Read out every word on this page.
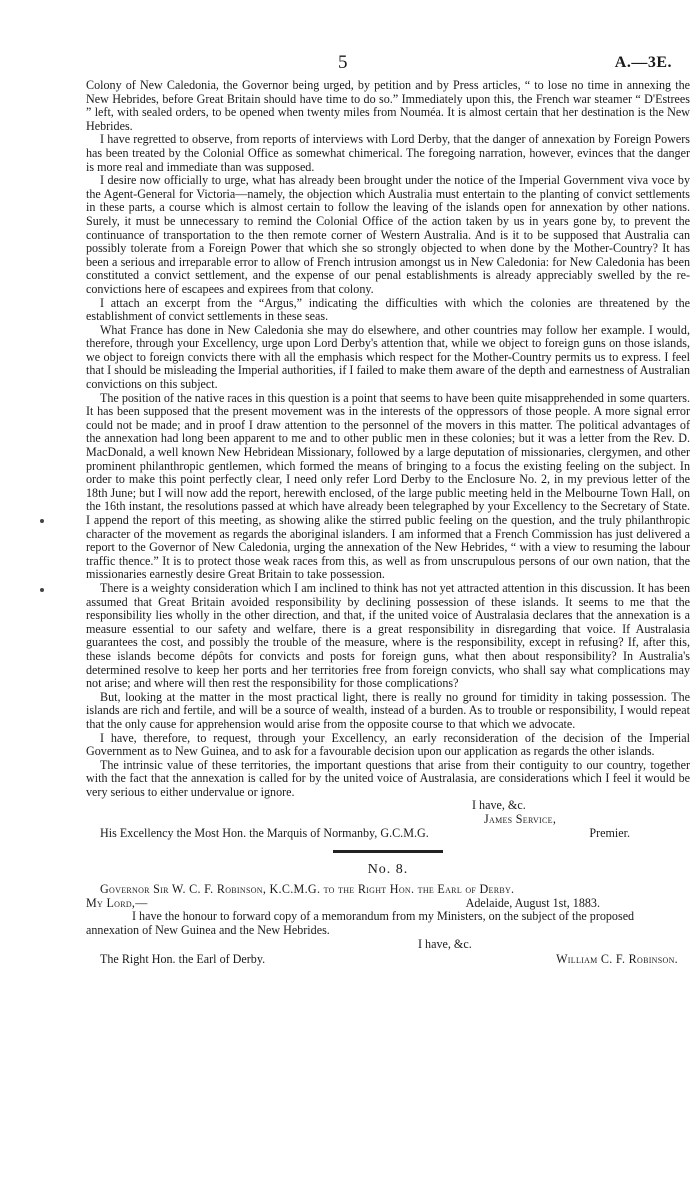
5	A.—3E.

Colony of New Caledonia, the Governor being urged, by petition and by Press articles, “ to lose no time in annexing the New Hebrides, before Great Britain should have time to do so.” Immediately upon this, the French war steamer “ D'Estrees ” left, with sealed orders, to be opened when twenty miles from Nouméa. It is almost certain that her destination is the New Hebrides.

I have regretted to observe, from reports of interviews with Lord Derby, that the danger of annexation by Foreign Powers has been treated by the Colonial Office as somewhat chimerical. The foregoing narration, however, evinces that the danger is more real and immediate than was supposed.

I desire now officially to urge, what has already been brought under the notice of the Imperial Government viva voce by the Agent-General for Victoria—namely, the objection which Australia must entertain to the planting of convict settlements in these parts, a course which is almost certain to follow the leaving of the islands open for annexation by other nations. Surely, it must be unnecessary to remind the Colonial Office of the action taken by us in years gone by, to prevent the continuance of transportation to the then remote corner of Western Australia. And is it to be supposed that Australia can possibly tolerate from a Foreign Power that which she so strongly objected to when done by the Mother-Country? It has been a serious and irreparable error to allow of French intrusion amongst us in New Caledonia: for New Caledonia has been constituted a convict settlement, and the expense of our penal establishments is already appreciably swelled by the re-convictions here of escapees and expirees from that colony.

I attach an excerpt from the “Argus,” indicating the difficulties with which the colonies are threatened by the establishment of convict settlements in these seas.

What France has done in New Caledonia she may do elsewhere, and other countries may follow her example. I would, therefore, through your Excellency, urge upon Lord Derby's attention that, while we object to foreign guns on those islands, we object to foreign convicts there with all the emphasis which respect for the Mother-Country permits us to express. I feel that I should be misleading the Imperial authorities, if I failed to make them aware of the depth and earnestness of Australian convictions on this subject.

The position of the native races in this question is a point that seems to have been quite misapprehended in some quarters. It has been supposed that the present movement was in the interests of the oppressors of those people. A more signal error could not be made; and in proof I draw attention to the personnel of the movers in this matter. The political advantages of the annexation had long been apparent to me and to other public men in these colonies; but it was a letter from the Rev. D. MacDonald, a well known New Hebridean Missionary, followed by a large deputation of missionaries, clergymen, and other prominent philanthropic gentlemen, which formed the means of bringing to a focus the existing feeling on the subject. In order to make this point perfectly clear, I need only refer Lord Derby to the Enclosure No. 2, in my previous letter of the 18th June; but I will now add the report, herewith enclosed, of the large public meeting held in the Melbourne Town Hall, on the 16th instant, the resolutions passed at which have already been telegraphed by your Excellency to the Secretary of State. I append the report of this meeting, as showing alike the stirred public feeling on the question, and the truly philanthropic character of the movement as regards the aboriginal islanders. I am informed that a French Commission has just delivered a report to the Governor of New Caledonia, urging the annexation of the New Hebrides, “ with a view to resuming the labour traffic thence.” It is to protect those weak races from this, as well as from unscrupulous persons of our own nation, that the missionaries earnestly desire Great Britain to take possession.

There is a weighty consideration which I am inclined to think has not yet attracted attention in this discussion. It has been assumed that Great Britain avoided responsibility by declining possession of these islands. It seems to me that the responsibility lies wholly in the other direction, and that, if the united voice of Australasia declares that the annexation is a measure essential to our safety and welfare, there is a great responsibility in disregarding that voice. If Australasia guarantees the cost, and possibly the trouble of the measure, where is the responsibility, except in refusing? If, after this, these islands become dépôts for convicts and posts for foreign guns, what then about responsibility? In Australia's determined resolve to keep her ports and her territories free from foreign convicts, who shall say what complications may not arise; and where will then rest the responsibility for those complications?

But, looking at the matter in the most practical light, there is really no ground for timidity in taking possession. The islands are rich and fertile, and will be a source of wealth, instead of a burden. As to trouble or responsibility, I would repeat that the only cause for apprehension would arise from the opposite course to that which we advocate.

I have, therefore, to request, through your Excellency, an early reconsideration of the decision of the Imperial Government as to New Guinea, and to ask for a favourable decision upon our application as regards the other islands.

The intrinsic value of these territories, the important questions that arise from their contiguity to our country, together with the fact that the annexation is called for by the united voice of Australasia, are considerations which I feel it would be very serious to either undervalue or ignore.

I have, &c.

James Service,

His Excellency the Most Hon. the Marquis of Normanby, G.C.M.G.	Premier.

No. 8.

Governor Sir W. C. F. Robinson, K.C.M.G. to the Right Hon. the Earl of Derby.

My Lord,—	Adelaide, August 1st, 1883.

I have the honour to forward copy of a memorandum from my Ministers, on the subject of the proposed annexation of New Guinea and the New Hebrides.

I have, &c.

The Right Hon. the Earl of Derby.	William C. F. Robinson.
